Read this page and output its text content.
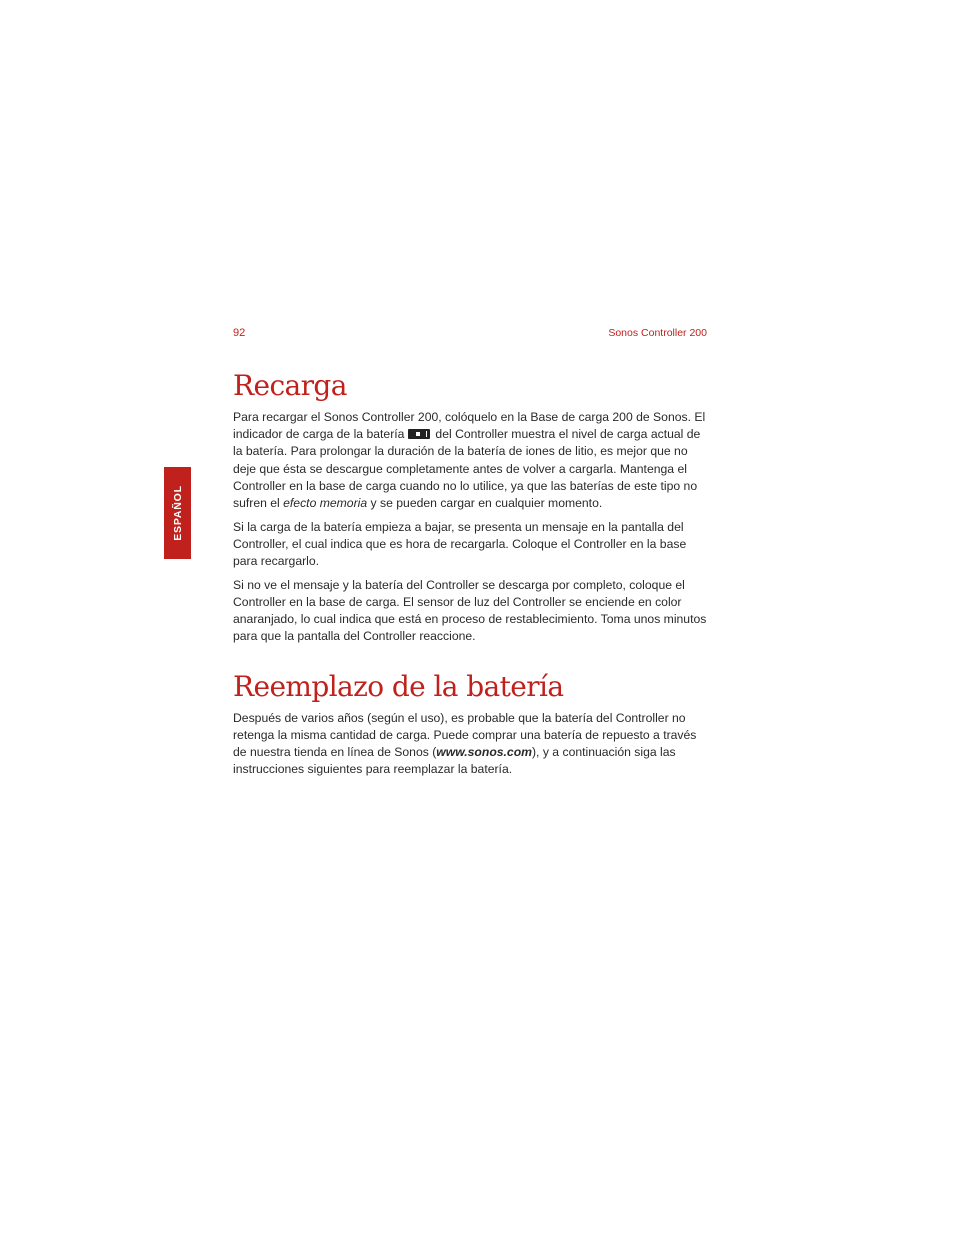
92	Sonos Controller 200
ESPAÑOL
Recarga

Para recargar el Sonos Controller 200, colóquelo en la Base de carga 200 de Sonos. El indicador de carga de la batería	del Controller muestra el nivel de carga actual de la batería. Para prolongar la duración de la batería de iones de litio, es mejor que no deje que ésta se descargue completamente antes de volver a cargarla. Mantenga el Controller en la base de carga cuando no lo utilice, ya que las baterías de este tipo no sufren el efecto memoria y se pueden cargar en cualquier momento.

Si la carga de la batería empieza a bajar, se presenta un mensaje en la pantalla del Controller, el cual indica que es hora de recargarla. Coloque el Controller en la base para recargarlo.

Si no ve el mensaje y la batería del Controller se descarga por completo, coloque el Controller en la base de carga. El sensor de luz del Controller se enciende en color anaranjado, lo cual indica que está en proceso de restablecimiento. Toma unos minutos para que la pantalla del Controller reaccione.

Reemplazo de la batería

Después de varios años (según el uso), es probable que la batería del Controller no retenga la misma cantidad de carga. Puede comprar una batería de repuesto a través de nuestra tienda en línea de Sonos (www.sonos.com), y a continuación siga las instrucciones siguientes para reemplazar la batería.
